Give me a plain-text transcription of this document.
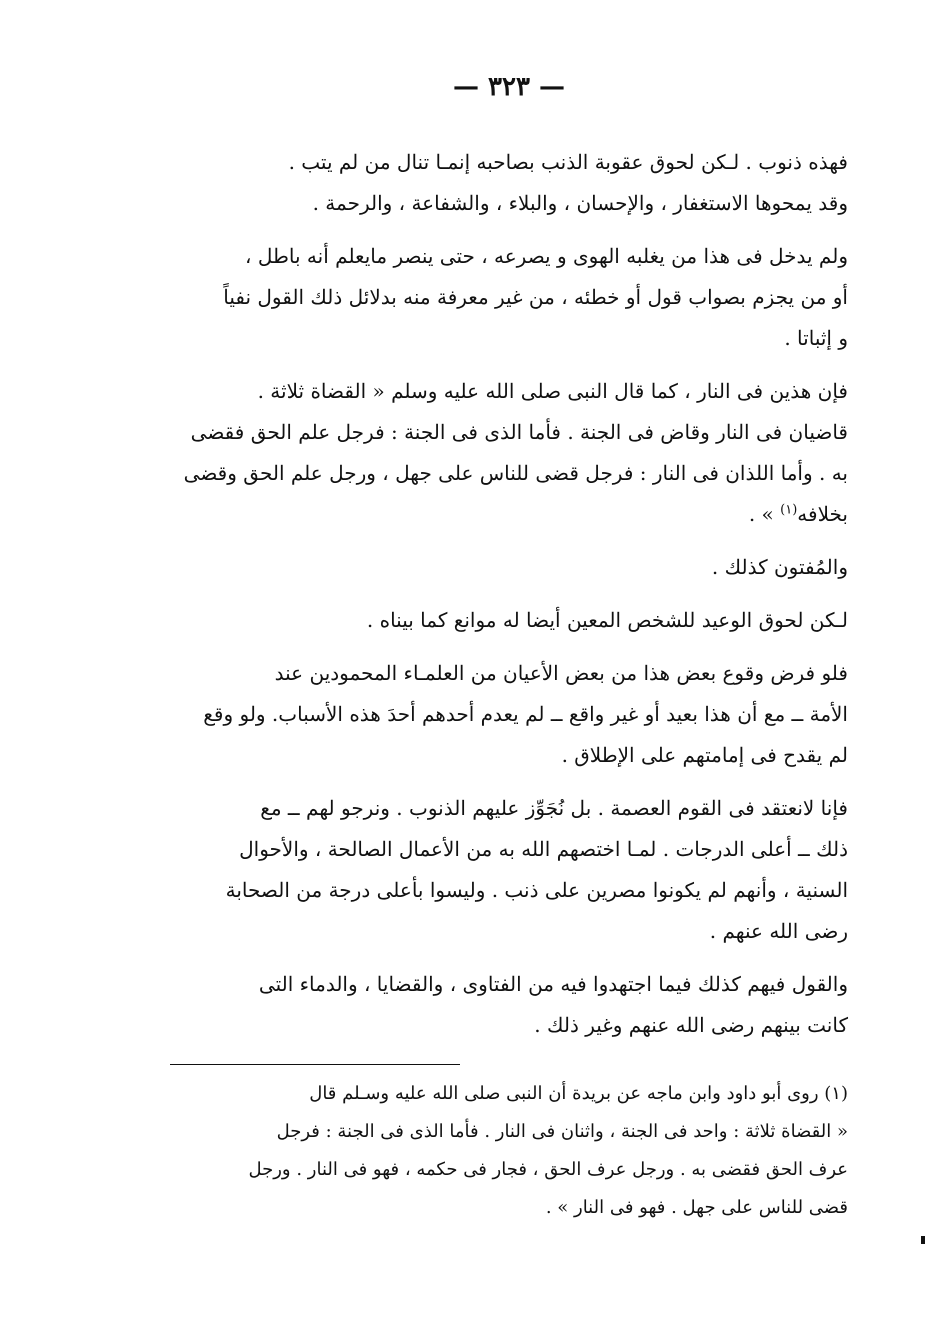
— ٣٢٣ —

فهذه ذنوب . لـكن لحوق عقوبة الذنب بصاحبه إنمـا تنال من لم يتب .
وقد يمحوها الاستغفار ، والإحسان ، والبلاء ، والشفاعة ، والرحمة .

ولم يدخل فى هذا من يغلبه الهوى و يصرعه ، حتى ينصر مايعلم أنه باطل ،
أو من يجزم بصواب قول أو خطئه ، من غير معرفة منه بدلائل ذلك القول نفياً
و إثباتا .

فإن هذين فى النار ، كما قال النبى صلى الله عليه وسلم « القضاة ثلاثة .
قاضيان فى النار وقاض فى الجنة . فأما الذى فى الجنة : فرجل علم الحق فقضى
به . وأما اللذان فى النار : فرجل قضى للناس على جهل ، ورجل علم الحق وقضى
بخلافه$^{(١)}$ » .

والمُفتون كذلك .

لـكن لحوق الوعيد للشخص المعين أيضا له موانع كما بيناه .

فلو فرض وقوع بعض هذا من بعض الأعيان من العلمـاء المحمودين عند
الأمة ــ مع أن هذا بعيد أو غير واقع ــ لم يعدم أحدهم أحدَ هذه الأسباب. ولو وقع
لم يقدح فى إمامتهم على الإطلاق .

فإنا لانعتقد فى القوم العصمة . بل نُجَوِّز عليهم الذنوب . ونرجو لهم ــ مع
ذلك ــ أعلى الدرجات . لمـا اختصهم الله به من الأعمال الصالحة ، والأحوال
السنية ، وأنهم لم يكونوا مصرين على ذنب . وليسوا بأعلى درجة من الصحابة
رضى الله عنهم .

والقول فيهم كذلك فيما اجتهدوا فيه من الفتاوى ، والقضايا ، والدماء التى
كانت بينهم رضى الله عنهم وغير ذلك .

(١) روى أبو داود وابن ماجه عن بريدة أن النبى صلى الله عليه وسـلم قال
« القضاة ثلاثة : واحد فى الجنة ، واثنان فى النار . فأما الذى فى الجنة : فرجل
عرف الحق فقضى به . ورجل عرف الحق ، فجار فى حكمه ، فهو فى النار . ورجل
قضى للناس على جهل . فهو فى النار » .
